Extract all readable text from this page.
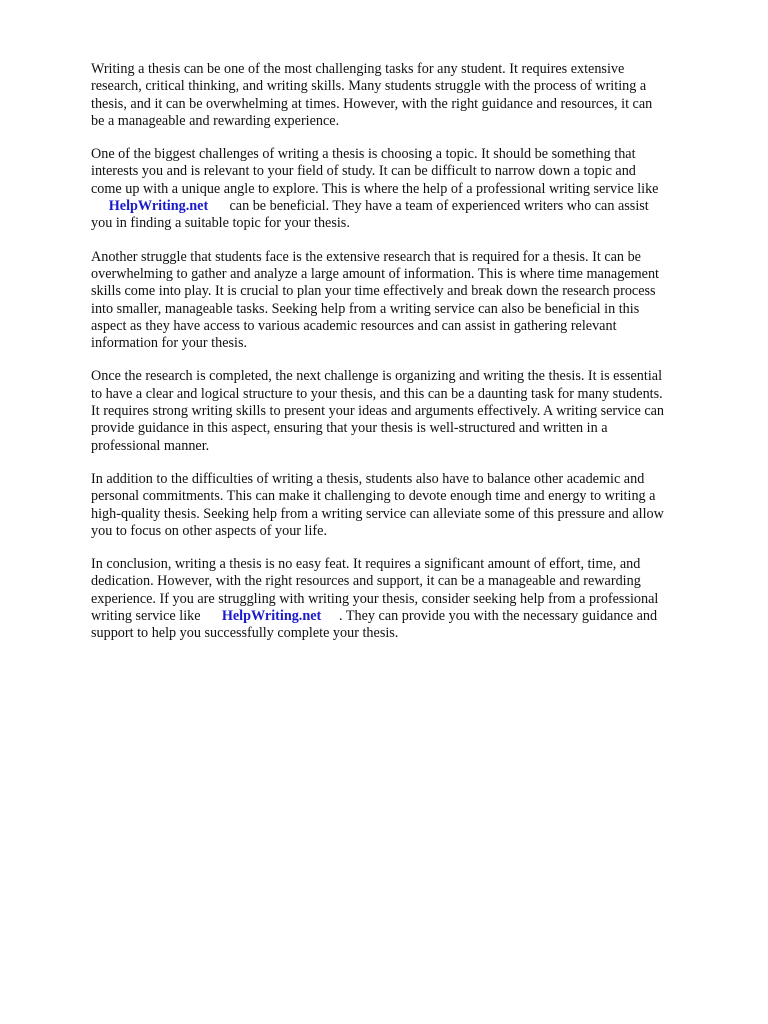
Writing a thesis can be one of the most challenging tasks for any student. It requires extensive
research, critical thinking, and writing skills. Many students struggle with the process of writing a
thesis, and it can be overwhelming at times. However, with the right guidance and resources, it can
be a manageable and rewarding experience.

One of the biggest challenges of writing a thesis is choosing a topic. It should be something that
interests you and is relevant to your field of study. It can be difficult to narrow down a topic and
come up with a unique angle to explore. This is where the help of a professional writing service like
HelpWriting.net      can be beneficial. They have a team of experienced writers who can assist
you in finding a suitable topic for your thesis.

Another struggle that students face is the extensive research that is required for a thesis. It can be
overwhelming to gather and analyze a large amount of information. This is where time management
skills come into play. It is crucial to plan your time effectively and break down the research process
into smaller, manageable tasks. Seeking help from a writing service can also be beneficial in this
aspect as they have access to various academic resources and can assist in gathering relevant
information for your thesis.

Once the research is completed, the next challenge is organizing and writing the thesis. It is essential
to have a clear and logical structure to your thesis, and this can be a daunting task for many students.
It requires strong writing skills to present your ideas and arguments effectively. A writing service can
provide guidance in this aspect, ensuring that your thesis is well-structured and written in a
professional manner.

In addition to the difficulties of writing a thesis, students also have to balance other academic and
personal commitments. This can make it challenging to devote enough time and energy to writing a
high-quality thesis. Seeking help from a writing service can alleviate some of this pressure and allow
you to focus on other aspects of your life.

In conclusion, writing a thesis is no easy feat. It requires a significant amount of effort, time, and
dedication. However, with the right resources and support, it can be a manageable and rewarding
experience. If you are struggling with writing your thesis, consider seeking help from a professional
writing service like      HelpWriting.net     . They can provide you with the necessary guidance and
support to help you successfully complete your thesis.
